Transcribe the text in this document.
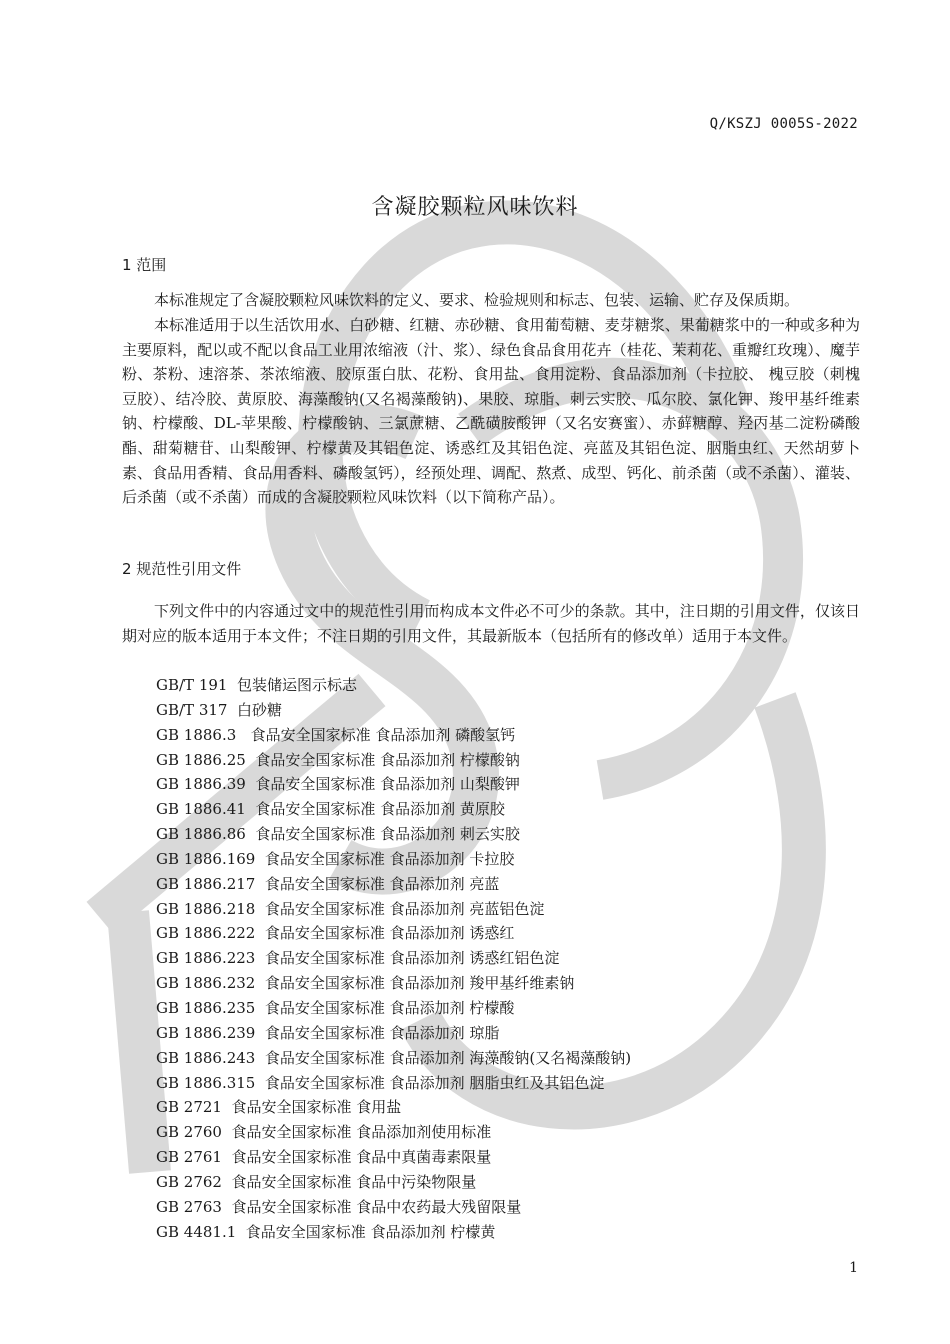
Q/KSZJ 0005S-2022
含凝胶颗粒风味饮料
1 范围

本标准规定了含凝胶颗粒风味饮料的定义、要求、检验规则和标志、包装、运输、贮存及保质期。

本标准适用于以生活饮用水、白砂糖、红糖、赤砂糖、食用葡萄糖、麦芽糖浆、果葡糖浆中的一种或多种为主要原料，配以或不配以食品工业用浓缩液（汁、浆）、绿色食品食用花卉（桂花、茉莉花、重瓣红玫瑰）、魔芋粉、茶粉、速溶茶、茶浓缩液、胶原蛋白肽、花粉、食用盐、食用淀粉、食品添加剂（卡拉胶、 槐豆胶（刺槐豆胶）、结冷胶、黄原胶、海藻酸钠(又名褐藻酸钠)、果胶、琼脂、刺云实胶、瓜尔胶、氯化钾、羧甲基纤维素钠、柠檬酸、DL-苹果酸、柠檬酸钠、三氯蔗糖、乙酰磺胺酸钾（又名安赛蜜）、赤藓糖醇、羟丙基二淀粉磷酸酯、甜菊糖苷、山梨酸钾、柠檬黄及其铝色淀、诱惑红及其铝色淀、亮蓝及其铝色淀、胭脂虫红、天然胡萝卜素、食品用香精、食品用香料、磷酸氢钙），经预处理、调配、熬煮、成型、钙化、前杀菌（或不杀菌）、灌装、后杀菌（或不杀菌）而成的含凝胶颗粒风味饮料（以下简称产品）。

2 规范性引用文件

下列文件中的内容通过文中的规范性引用而构成本文件必不可少的条款。其中，注日期的引用文件，仅该日期对应的版本适用于本文件；不注日期的引用文件，其最新版本（包括所有的修改单）适用于本文件。

GB/T 191  包装储运图示标志
GB/T 317  白砂糖
GB 1886.3   食品安全国家标准 食品添加剂 磷酸氢钙
GB 1886.25  食品安全国家标准 食品添加剂 柠檬酸钠
GB 1886.39  食品安全国家标准 食品添加剂 山梨酸钾
GB 1886.41  食品安全国家标准 食品添加剂 黄原胶
GB 1886.86  食品安全国家标准 食品添加剂 刺云实胶
GB 1886.169  食品安全国家标准 食品添加剂 卡拉胶
GB 1886.217  食品安全国家标准 食品添加剂 亮蓝
GB 1886.218  食品安全国家标准 食品添加剂 亮蓝铝色淀
GB 1886.222  食品安全国家标准 食品添加剂 诱惑红
GB 1886.223  食品安全国家标准 食品添加剂 诱惑红铝色淀
GB 1886.232  食品安全国家标准 食品添加剂 羧甲基纤维素钠
GB 1886.235  食品安全国家标准 食品添加剂 柠檬酸
GB 1886.239  食品安全国家标准 食品添加剂 琼脂
GB 1886.243  食品安全国家标准 食品添加剂 海藻酸钠(又名褐藻酸钠)
GB 1886.315  食品安全国家标准 食品添加剂 胭脂虫红及其铝色淀
GB 2721  食品安全国家标准 食用盐
GB 2760  食品安全国家标准 食品添加剂使用标准
GB 2761  食品安全国家标准 食品中真菌毒素限量
GB 2762  食品安全国家标准 食品中污染物限量
GB 2763  食品安全国家标准 食品中农药最大残留限量
GB 4481.1  食品安全国家标准 食品添加剂 柠檬黄
1
